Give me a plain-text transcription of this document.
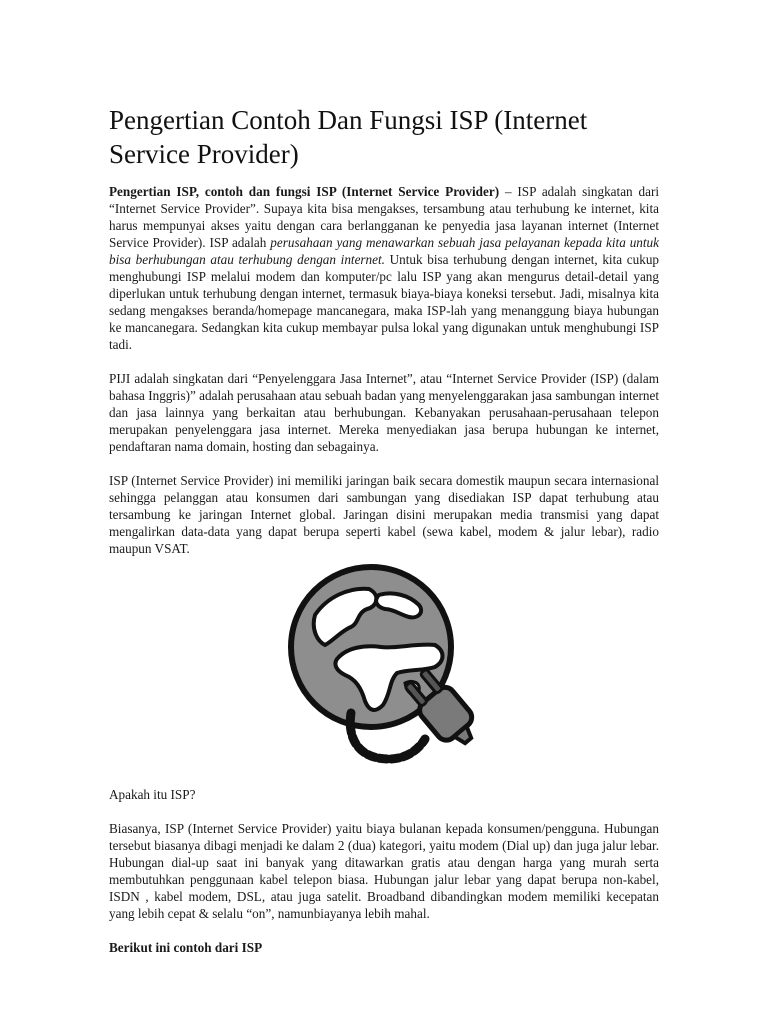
Pengertian Contoh Dan Fungsi ISP (Internet Service Provider)

Pengertian ISP, contoh dan fungsi ISP (Internet Service Provider) – ISP adalah singkatan dari “Internet Service Provider”. Supaya kita bisa mengakses, tersambung atau terhubung ke internet, kita harus mempunyai akses yaitu dengan cara berlangganan ke penyedia jasa layanan internet (Internet Service Provider). ISP adalah perusahaan yang menawarkan sebuah jasa pelayanan kepada kita untuk bisa berhubungan atau terhubung dengan internet. Untuk bisa terhubung dengan internet, kita cukup menghubungi ISP melalui modem dan komputer/pc lalu ISP yang akan mengurus detail-detail yang diperlukan untuk terhubung dengan internet, termasuk biaya-biaya koneksi tersebut. Jadi, misalnya kita sedang mengakses beranda/homepage mancanegara, maka ISP-lah yang menanggung biaya hubungan ke mancanegara. Sedangkan kita cukup membayar pulsa lokal yang digunakan untuk menghubungi ISP tadi.

PIJI adalah singkatan dari “Penyelenggara Jasa Internet”, atau “Internet Service Provider (ISP) (dalam bahasa Inggris)” adalah perusahaan atau sebuah badan yang menyelenggarakan jasa sambungan internet dan jasa lainnya yang berkaitan atau berhubungan. Kebanyakan perusahaan-perusahaan telepon merupakan penyelenggara jasa internet. Mereka menyediakan jasa berupa hubungan ke internet, pendaftaran nama domain, hosting dan sebagainya.

ISP (Internet Service Provider) ini memiliki jaringan baik secara domestik maupun secara internasional sehingga pelanggan atau konsumen dari sambungan yang disediakan ISP dapat terhubung atau tersambung ke jaringan Internet global. Jaringan disini merupakan media transmisi yang dapat mengalirkan data-data yang dapat berupa seperti kabel (sewa kabel, modem & jalur lebar), radio maupun VSAT.

Apakah itu ISP?

Biasanya, ISP (Internet Service Provider) yaitu biaya bulanan kepada konsumen/pengguna. Hubungan tersebut biasanya dibagi menjadi ke dalam 2 (dua) kategori, yaitu modem (Dial up) dan juga jalur lebar. Hubungan dial-up saat ini banyak yang ditawarkan gratis atau dengan harga yang murah serta membutuhkan penggunaan kabel telepon biasa. Hubungan jalur lebar yang dapat berupa non-kabel, ISDN , kabel modem, DSL, atau juga satelit. Broadband dibandingkan modem memiliki kecepatan yang lebih cepat & selalu “on”, namunbiayanya lebih mahal.

Berikut ini contoh dari ISP
